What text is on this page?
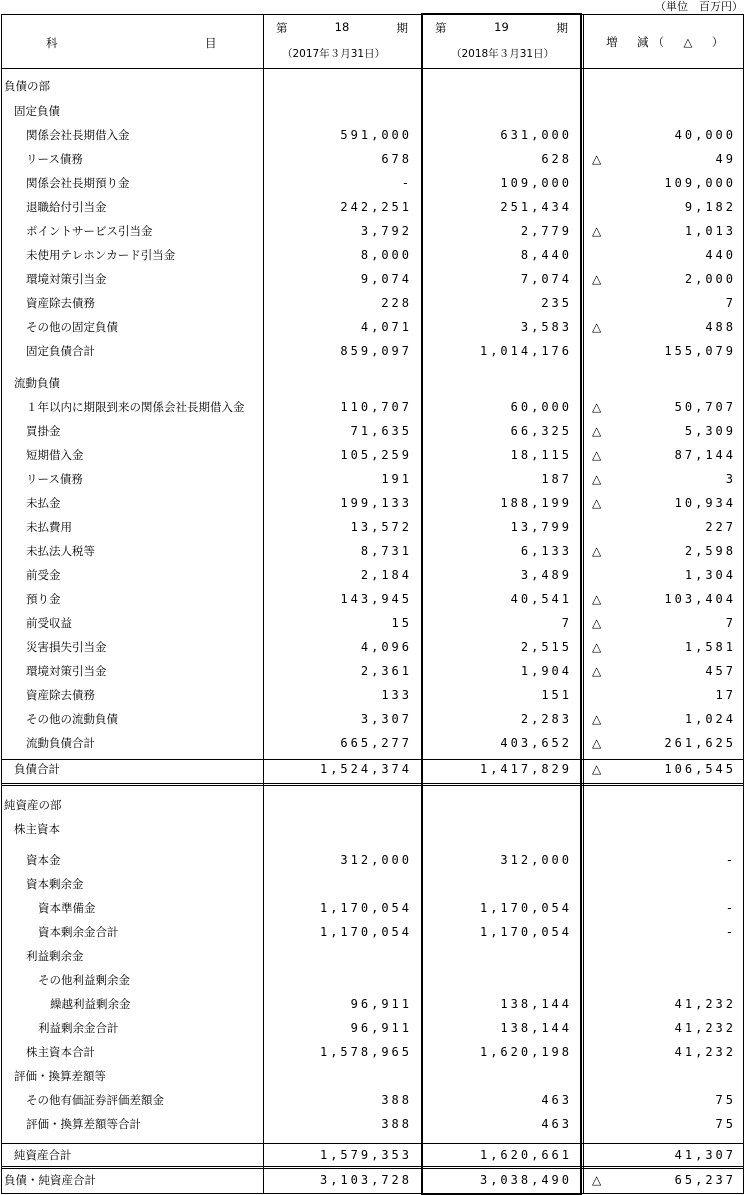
（単位　百万円）
科	目
第	18	期
（2017年３月31日）
第	19	期
（2018年３月31日）
増　減（　△　）
負債の部
固定負債
関係会社長期借入金	591,000	631,000	40,000
リース債務	678	628 △	49
関係会社長期預り金	-	109,000	109,000
退職給付引当金	242,251	251,434	9,182
ポイントサービス引当金	3,792	2,779 △	1,013
未使用テレホンカード引当金	8,000	8,440	440
環境対策引当金	9,074	7,074 △	2,000
資産除去債務	228	235	7
その他の固定負債	4,071	3,583 △	488
固定負債合計	859,097	1,014,176	155,079
流動負債
１年以内に期限到来の関係会社長期借入金	110,707	60,000 △	50,707
買掛金	71,635	66,325 △	5,309
短期借入金	105,259	18,115 △	87,144
リース債務	191	187 △	3
未払金	199,133	188,199 △	10,934
未払費用	13,572	13,799	227
未払法人税等	8,731	6,133 △	2,598
前受金	2,184	3,489	1,304
預り金	143,945	40,541 △	103,404
前受収益	15	7 △	7
災害損失引当金	4,096	2,515 △	1,581
環境対策引当金	2,361	1,904 △	457
資産除去債務	133	151	17
その他の流動負債	3,307	2,283 △	1,024
流動負債合計	665,277	403,652 △	261,625
負債合計	1,524,374	1,417,829 △	106,545
純資産の部
株主資本
資本金	312,000	312,000	-
資本剰余金
資本準備金	1,170,054	1,170,054	-
資本剰余金合計	1,170,054	1,170,054	-
利益剰余金
その他利益剰余金
繰越利益剰余金	96,911	138,144	41,232
利益剰余金合計	96,911	138,144	41,232
株主資本合計	1,578,965	1,620,198	41,232
評価・換算差額等
その他有価証券評価差額金	388	463	75
評価・換算差額等合計	388	463	75
純資産合計	1,579,353	1,620,661	41,307
負債・純資産合計	3,103,728	3,038,490 △	65,237
